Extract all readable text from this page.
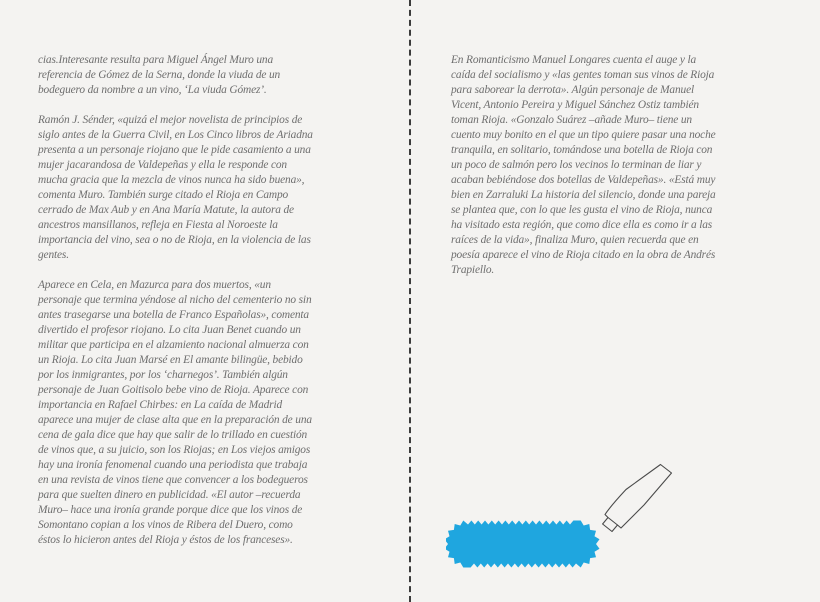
cias.Interesante resulta para Miguel Ángel Muro una referencia de Gómez de la Serna, donde la viuda de un bodeguero da nombre a un vino, ‘La viuda Gómez’.

Ramón J. Sénder, «quizá el mejor novelista de principios de siglo antes de la Guerra Civil, en Los Cinco libros de Ariadna presenta a un personaje riojano que le pide casamiento a una mujer jacarandosa de Valdepeñas y ella le responde con mucha gracia que la mezcla de vinos nunca ha sido buena», comenta Muro. También surge citado el Rioja en Campo cerrado de Max Aub y en Ana María Matute, la autora de ancestros mansillanos, refleja en Fiesta al Noroeste la importancia del vino, sea o no de Rioja, en la violencia de las gentes.

Aparece en Cela, en Mazurca para dos muertos, «un personaje que termina yéndose al nicho del cementerio no sin antes trasegarse una botella de Franco Españolas», comenta divertido el profesor riojano. Lo cita Juan Benet cuando un militar que participa en el alzamiento nacional almuerza con un Rioja. Lo cita Juan Marsé en El amante bilingüe, bebido por los inmigrantes, por los ‘charnegos’. También algún personaje de Juan Goitisolo bebe vino de Rioja. Aparece con importancia en Rafael Chirbes: en La caída de Madrid aparece una mujer de clase alta que en la preparación de una cena de gala dice que hay que salir de lo trillado en cuestión de vinos que, a su juicio, son los Riojas; en Los viejos amigos hay una ironía fenomenal cuando una periodista que trabaja en una revista de vinos tiene que convencer a los bodegueros para que suelten dinero en publicidad. «El autor –recuerda Muro– hace una ironía grande porque dice que los vinos de Somontano copian a los vinos de Ribera del Duero, como éstos lo hicieron antes del Rioja y éstos de los franceses».

En Romanticismo Manuel Longares cuenta el auge y la caída del socialismo y «las gentes toman sus vinos de Rioja para saborear la derrota». Algún personaje de Manuel Vicent, Antonio Pereira y Miguel Sánchez Ostiz también toman Rioja. «Gonzalo Suárez –añade Muro– tiene un cuento muy bonito en el que un tipo quiere pasar una noche tranquila, en solitario, tomándose una botella de Rioja con un poco de salmón pero los vecinos lo terminan de liar y acaban bebiéndose dos botellas de Valdepeñas». «Está muy bien en Zarraluki La historia del silencio, donde una pareja se plantea que, con lo que les gusta el vino de Rioja, nunca ha visitado esta región, que como dice ella es como ir a las raíces de la vida», finaliza Muro, quien recuerda que en poesía aparece el vino de Rioja citado en la obra de Andrés Trapiello.
